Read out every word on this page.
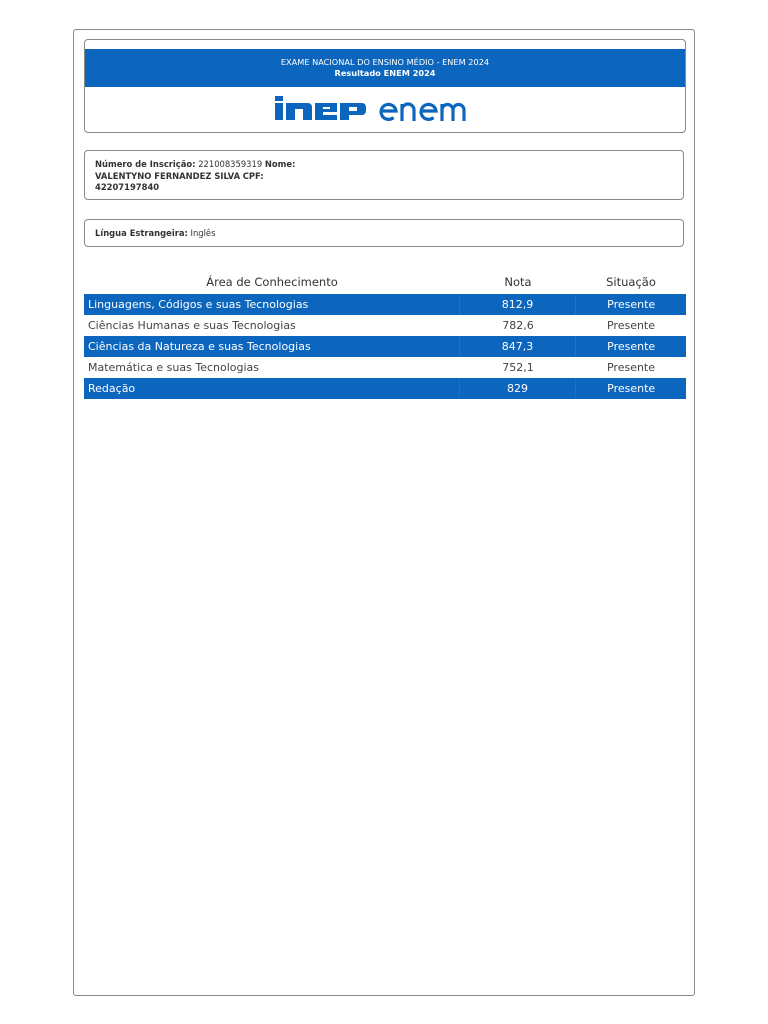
EXAME NACIONAL DO ENSINO MÉDIO - ENEM 2024
Resultado ENEM 2024
Número de Inscrição: 221008359319 Nome:
VALENTYNO FERNANDEZ SILVA CPF:
42207197840
Língua Estrangeira: Inglês
Área de Conhecimento	Nota	Situação
Linguagens, Códigos e suas Tecnologias	812,9	Presente
Ciências Humanas e suas Tecnologias	782,6	Presente
Ciências da Natureza e suas Tecnologias	847,3	Presente
Matemática e suas Tecnologias	752,1	Presente
Redação	829	Presente
